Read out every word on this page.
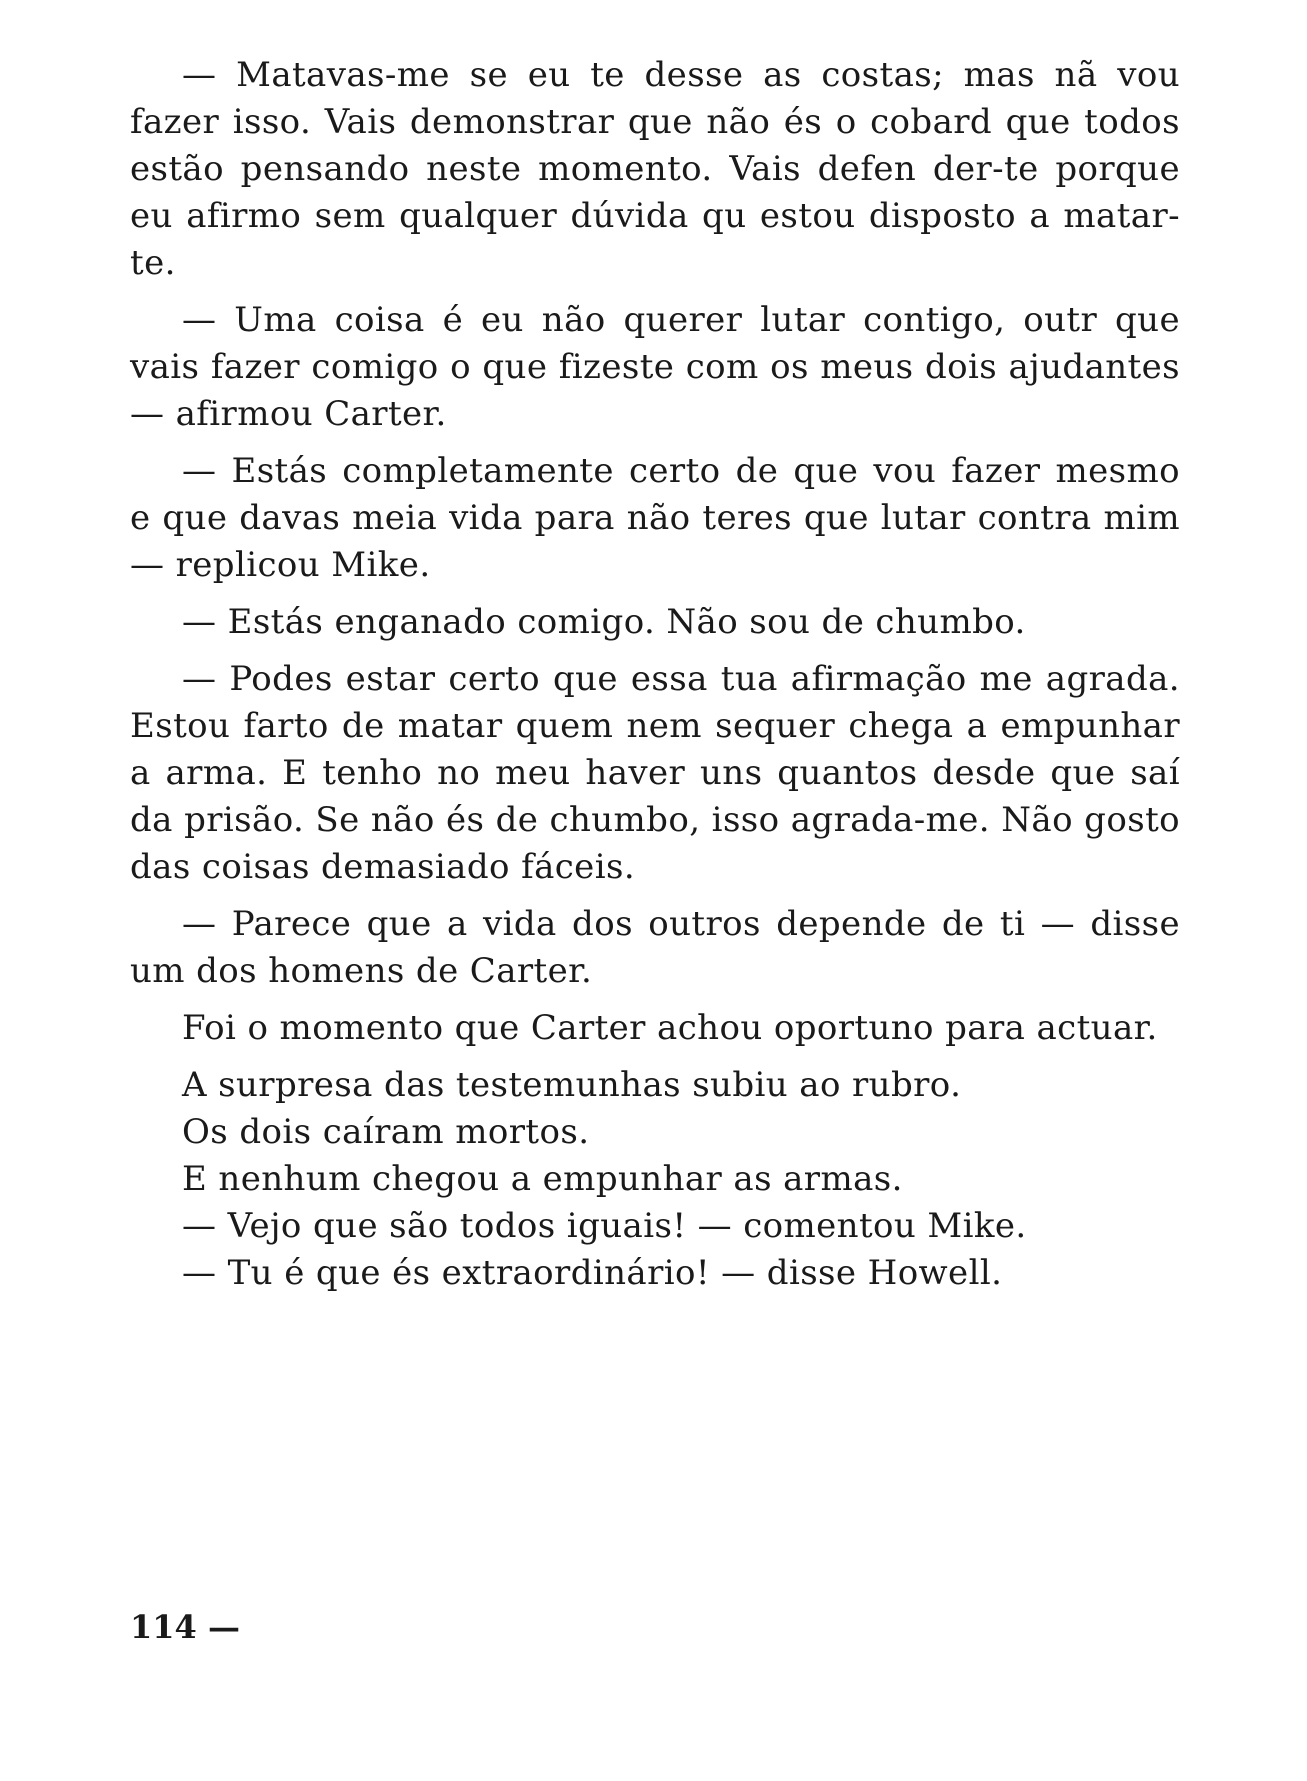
— Matavas-me se eu te desse as costas; mas nã vou fazer isso. Vais demonstrar que não és o cobard que todos estão pensando neste momento. Vais defen der-te porque eu afirmo sem qualquer dúvida qu estou disposto a matar-te.

— Uma coisa é eu não querer lutar contigo, outr que vais fazer comigo o que fizeste com os meus dois ajudantes — afirmou Carter.

— Estás completamente certo de que vou fazer mesmo e que davas meia vida para não teres que lutar contra mim — replicou Mike.

— Estás enganado comigo. Não sou de chumbo.

— Podes estar certo que essa tua afirmação me agrada. Estou farto de matar quem nem sequer chega a empunhar a arma. E tenho no meu haver uns quantos desde que saí da prisão. Se não és de chumbo, isso agrada-me. Não gosto das coisas demasiado fáceis.

— Parece que a vida dos outros depende de ti — disse um dos homens de Carter.

Foi o momento que Carter achou oportuno para actuar.

A surpresa das testemunhas subiu ao rubro.

Os dois caíram mortos.

E nenhum chegou a empunhar as armas.

— Vejo que são todos iguais! — comentou Mike.

— Tu é que és extraordinário! — disse Howell.

114 —
